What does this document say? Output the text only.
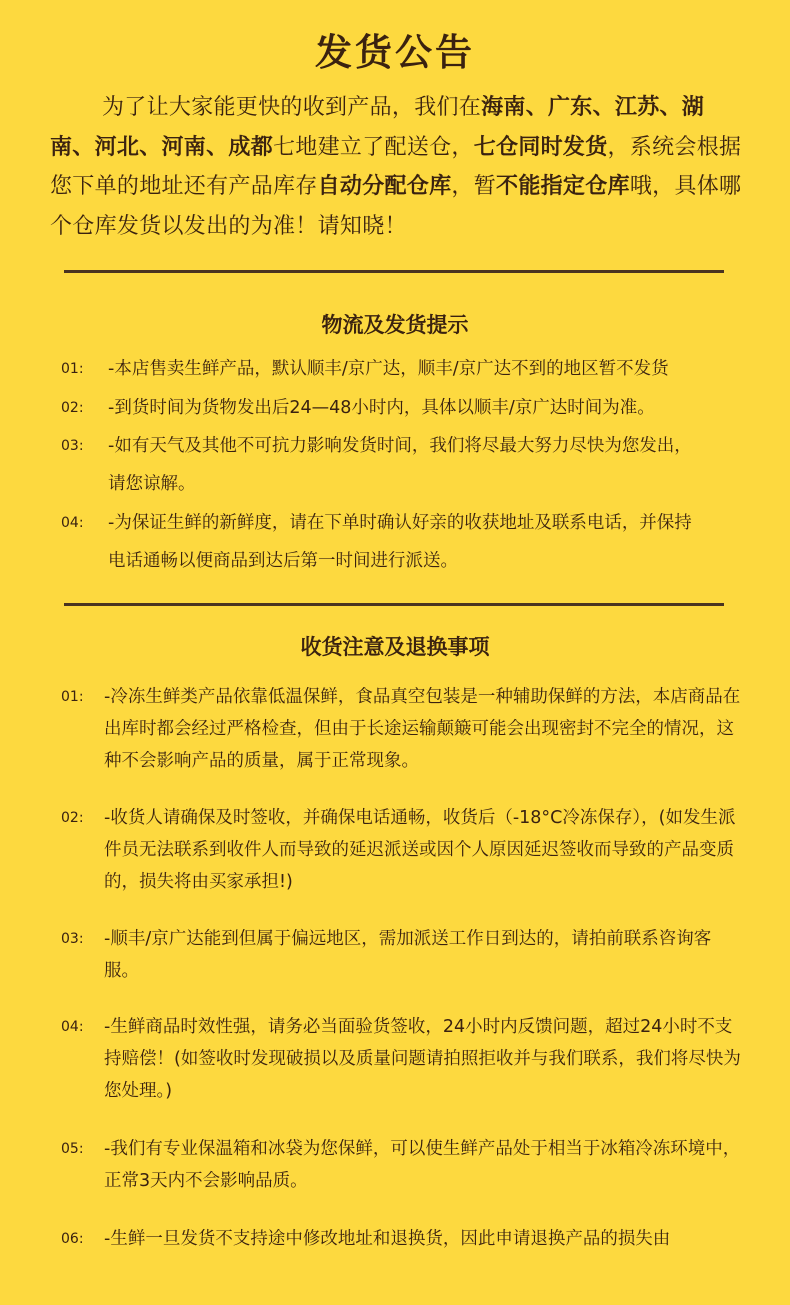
发货公告
为了让大家能更快的收到产品，我们在海南、广东、江苏、湖南、河北、河南、成都七地建立了配送仓，七仓同时发货，系统会根据您下单的地址还有产品库存自动分配仓库，暂不能指定仓库哦，具体哪个仓库发货以发出的为准！请知晓！
物流及发货提示
01: -本店售卖生鲜产品，默认顺丰/京广达，顺丰/京广达不到的地区暂不发货
02: -到货时间为货物发出后24—48小时内，具体以顺丰/京广达时间为准。
03: -如有天气及其他不可抗力影响发货时间，我们将尽最大努力尽快为您发出，请您谅解。
04: -为保证生鲜的新鲜度，请在下单时确认好亲的收获地址及联系电话，并保持电话通畅以便商品到达后第一时间进行派送。
收货注意及退换事项
01: -冷冻生鲜类产品依靠低温保鲜，食品真空包装是一种辅助保鲜的方法，本店商品在出库时都会经过严格检查，但由于长途运输颠簸可能会出现密封不完全的情况，这种不会影响产品的质量，属于正常现象。
02: -收货人请确保及时签收，并确保电话通畅，收货后（-18°C冷冻保存），(如发生派件员无法联系到收件人而导致的延迟派送或因个人原因延迟签收而导致的产品变质的，损失将由买家承担!)
03: -顺丰/京广达能到但属于偏远地区，需加派送工作日到达的，请拍前联系咨询客服。
04: -生鲜商品时效性强，请务必当面验货签收，24小时内反馈问题，超过24小时不支持赔偿！(如签收时发现破损以及质量问题请拍照拒收并与我们联系，我们将尽快为您处理。)
05: -我们有专业保温箱和冰袋为您保鲜，可以使生鲜产品处于相当于冰箱冷冻环境中，正常3天内不会影响品质。
06: -生鲜一旦发货不支持途中修改地址和退换货，因此申请退换产品的损失由
